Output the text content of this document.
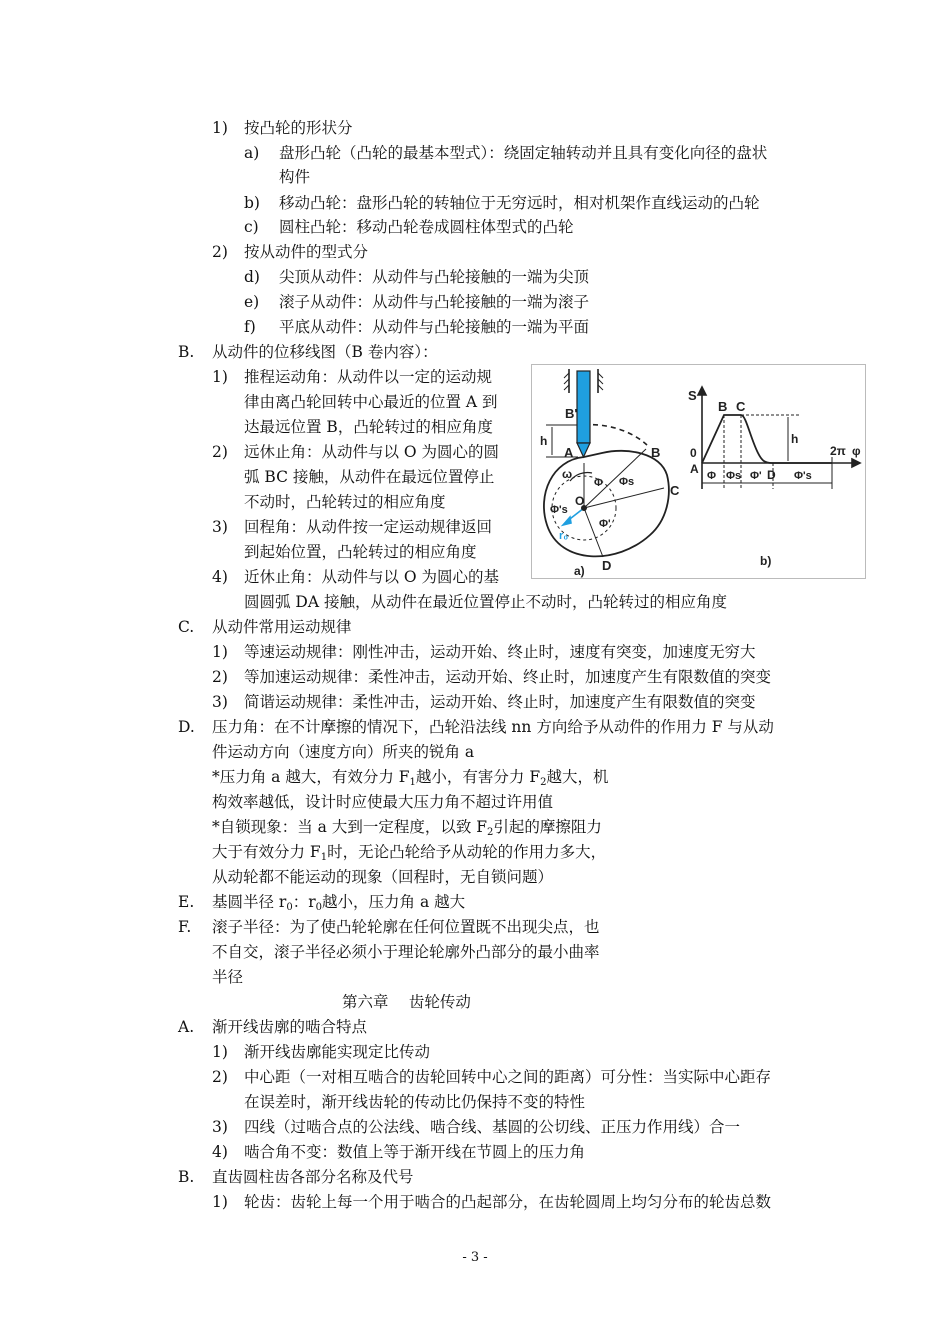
1) 按凸轮的形状分
a) 盘形凸轮（凸轮的最基本型式）：绕固定轴转动并且具有变化向径的盘状
构件
b) 移动凸轮：盘形凸轮的转轴位于无穷远时，相对机架作直线运动的凸轮
c) 圆柱凸轮：移动凸轮卷成圆柱体型式的凸轮
2) 按从动件的型式分
d) 尖顶从动件：从动件与凸轮接触的一端为尖顶
e) 滚子从动件：从动件与凸轮接触的一端为滚子
f) 平底从动件：从动件与凸轮接触的一端为平面
B. 从动件的位移线图（B 卷内容）：
1) 推程运动角：从动件以一定的运动规
律由离凸轮回转中心最近的位置 A 到
达最远位置 B，凸轮转过的相应角度
2) 远休止角：从动件与以 O 为圆心的圆
弧 BC 接触，从动件在最远位置停止
不动时，凸轮转过的相应角度
3) 回程角：从动件按一定运动规律返回
到起始位置，凸轮转过的相应角度
4) 近休止角：从动件与以 O 为圆心的基
圆圆弧 DA 接触，从动件在最近位置停止不动时，凸轮转过的相应角度
B'
h
A	B
C
D
ω
O
Φ Φs
Φ'
Φ's
r₀
a)
S
B C
h
0
A	D
2π φ
Φ Φs Φ'	Φ's
b)
C. 从动件常用运动规律
1) 等速运动规律：刚性冲击，运动开始、终止时，速度有突变，加速度无穷大
2) 等加速运动规律：柔性冲击，运动开始、终止时，加速度产生有限数值的突变
3) 简谐运动规律：柔性冲击，运动开始、终止时，加速度产生有限数值的突变
D. 压力角：在不计摩擦的情况下，凸轮沿法线 nn 方向给予从动件的作用力 F 与从动
件运动方向（速度方向）所夹的锐角 a
*压力角 a 越大，有效分力 $F_1$越小，有害分力 $F_2$越大，机
构效率越低，设计时应使最大压力角不超过许用值
*自锁现象：当 a 大到一定程度，以致 $F_2$引起的摩擦阻力
大于有效分力 $F_1$时，无论凸轮给予从动轮的作用力多大，
从动轮都不能运动的现象（回程时，无自锁问题）
E. 基圆半径 $r_0$：$r_0$越小，压力角 a 越大
F. 滚子半径：为了使凸轮轮廓在任何位置既不出现尖点，也
不自交，滚子半径必须小于理论轮廓外凸部分的最小曲率
半径
第六章　 齿轮传动
A. 渐开线齿廓的啮合特点
1) 渐开线齿廓能实现定比传动
2) 中心距（一对相互啮合的齿轮回转中心之间的距离）可分性：当实际中心距存
在误差时，渐开线齿轮的传动比仍保持不变的特性
3) 四线（过啮合点的公法线、啮合线、基圆的公切线、正压力作用线）合一
4) 啮合角不变：数值上等于渐开线在节圆上的压力角
B. 直齿圆柱齿各部分名称及代号
1) 轮齿：齿轮上每一个用于啮合的凸起部分，在齿轮圆周上均匀分布的轮齿总数
- 3 -
